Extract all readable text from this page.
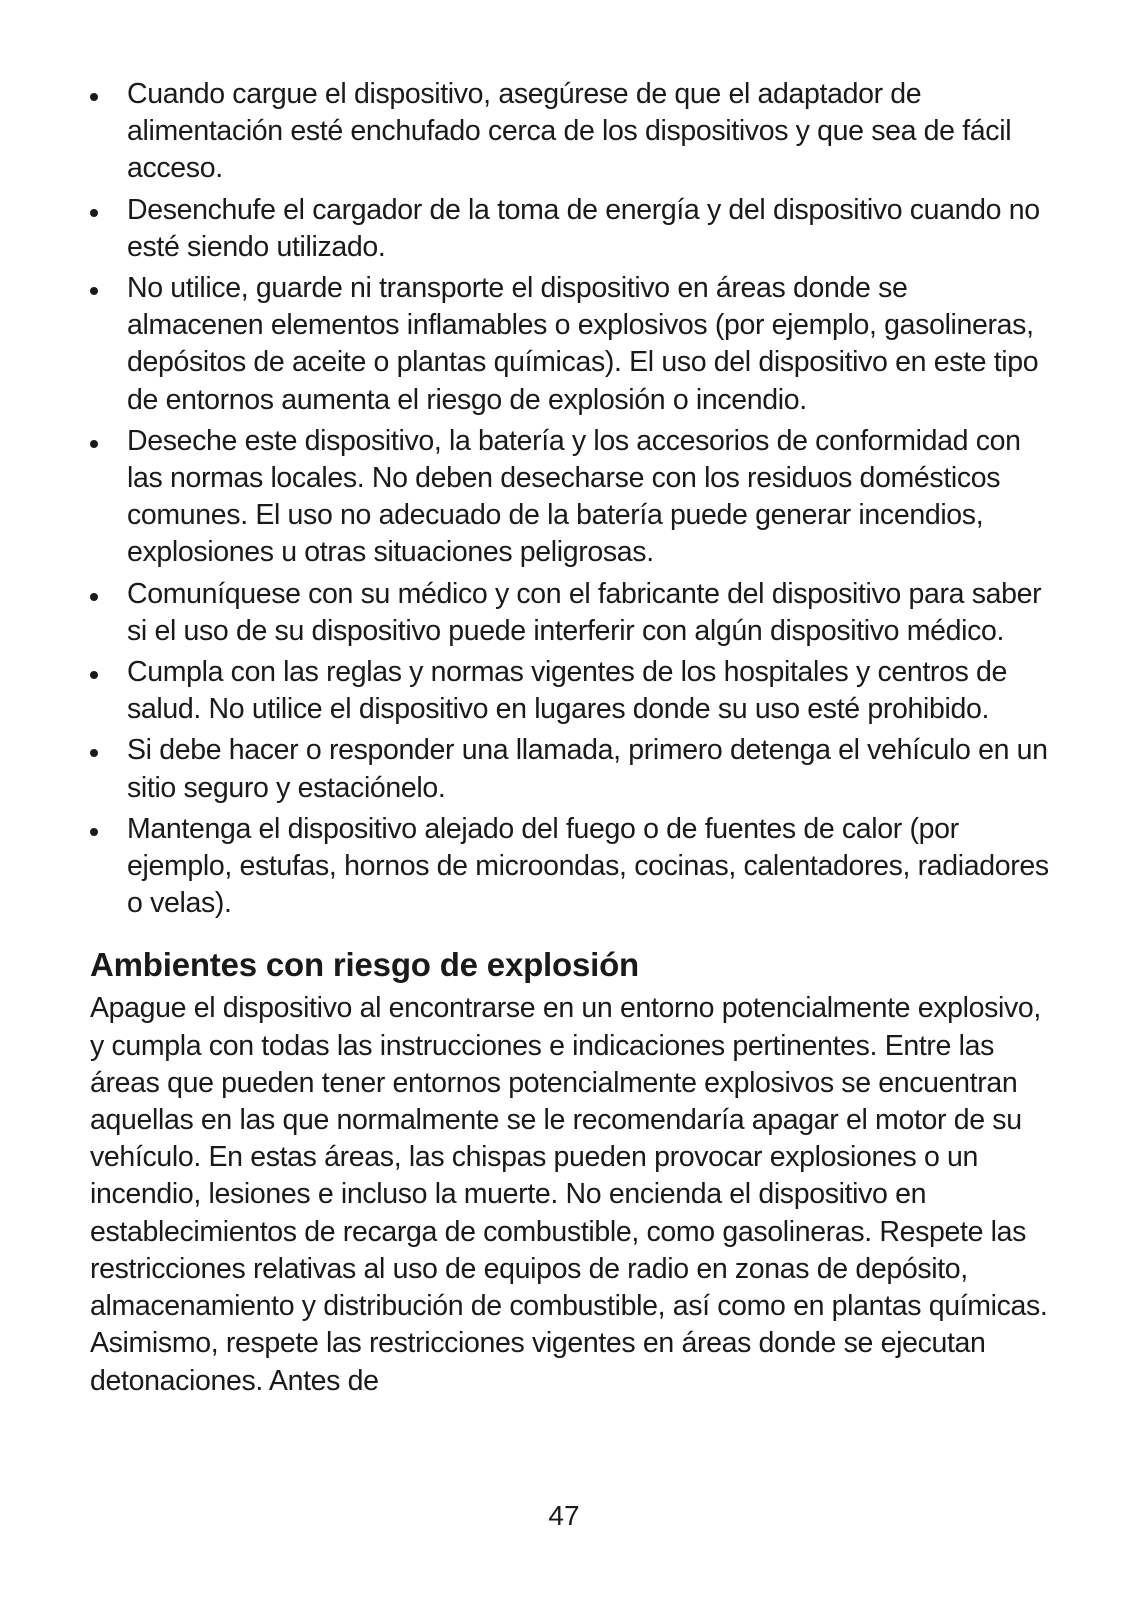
Cuando cargue el dispositivo, asegúrese de que el adaptador de alimentación esté enchufado cerca de los dispositivos y que sea de fácil acceso.
Desenchufe el cargador de la toma de energía y del dispositivo cuando no esté siendo utilizado.
No utilice, guarde ni transporte el dispositivo en áreas donde se almacenen elementos inflamables o explosivos (por ejemplo, gasolineras, depósitos de aceite o plantas químicas). El uso del dispositivo en este tipo de entornos aumenta el riesgo de explosión o incendio.
Deseche este dispositivo, la batería y los accesorios de conformidad con las normas locales. No deben desecharse con los residuos domésticos comunes. El uso no adecuado de la batería puede generar incendios, explosiones u otras situaciones peligrosas.
Comuníquese con su médico y con el fabricante del dispositivo para saber si el uso de su dispositivo puede interferir con algún dispositivo médico.
Cumpla con las reglas y normas vigentes de los hospitales y centros de salud. No utilice el dispositivo en lugares donde su uso esté prohibido.
Si debe hacer o responder una llamada, primero detenga el vehículo en un sitio seguro y estaciónelo.
Mantenga el dispositivo alejado del fuego o de fuentes de calor (por ejemplo, estufas, hornos de microondas, cocinas, calentadores, radiadores o velas).
Ambientes con riesgo de explosión

Apague el dispositivo al encontrarse en un entorno potencialmente explosivo, y cumpla con todas las instrucciones e indicaciones pertinentes. Entre las áreas que pueden tener entornos potencialmente explosivos se encuentran aquellas en las que normalmente se le recomendaría apagar el motor de su vehículo. En estas áreas, las chispas pueden provocar explosiones o un incendio, lesiones e incluso la muerte. No encienda el dispositivo en establecimientos de recarga de combustible, como gasolineras. Respete las restricciones relativas al uso de equipos de radio en zonas de depósito, almacenamiento y distribución de combustible, así como en plantas químicas. Asimismo, respete las restricciones vigentes en áreas donde se ejecutan detonaciones. Antes de

47
